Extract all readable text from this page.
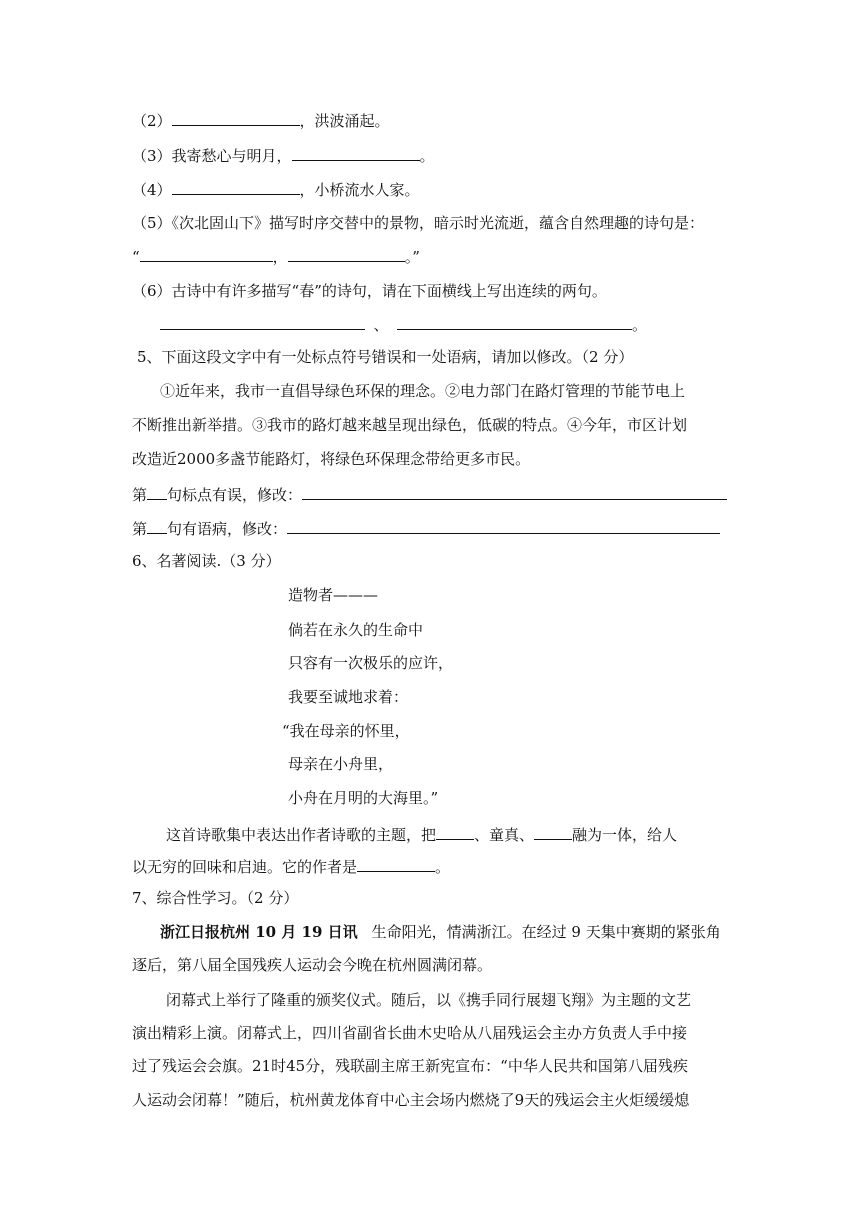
（2）	，洪波涌起。
（3）我寄愁心与明月，	。
（4）	，小桥流水人家。
（5）《次北固山下》描写时序交替中的景物，暗示时光流逝，蕴含自然理趣的诗句是：
“	，	。”
（6）古诗中有许多描写“春”的诗句，请在下面横线上写出连续的两句。
、	。
5、下面这段文字中有一处标点符号错误和一处语病，请加以修改。（2 分）
①近年来，我市一直倡导绿色环保的理念。②电力部门在路灯管理的节能节电上
不断推出新举措。③我市的路灯越来越呈现出绿色，低碳的特点。④今年，市区计划
改造近2000多盏节能路灯，将绿色环保理念带给更多市民。
第 句标点有误，修改：
第 句有语病，修改：
6、名著阅读.（3 分）
造物者———
倘若在永久的生命中
只容有一次极乐的应许，
我要至诚地求着：
“我在母亲的怀里，
母亲在小舟里，
小舟在月明的大海里。”
这首诗歌集中表达出作者诗歌的主题，把	、童真、	融为一体，给人
以无穷的回味和启迪。它的作者是	。
7、综合性学习。（2 分）
浙江日报杭州 10 月 19 日讯 生命阳光，情满浙江。在经过 9 天集中赛期的紧张角
逐后，第八届全国残疾人运动会今晚在杭州圆满闭幕。
闭幕式上举行了隆重的颁奖仪式。随后，以《携手同行展翅飞翔》为主题的文艺
演出精彩上演。闭幕式上，四川省副省长曲木史哈从八届残运会主办方负责人手中接
过了残运会会旗。21时45分，残联副主席王新宪宣布：“中华人民共和国第八届残疾
人运动会闭幕！”随后，杭州黄龙体育中心主会场内燃烧了9天的残运会主火炬缓缓熄
